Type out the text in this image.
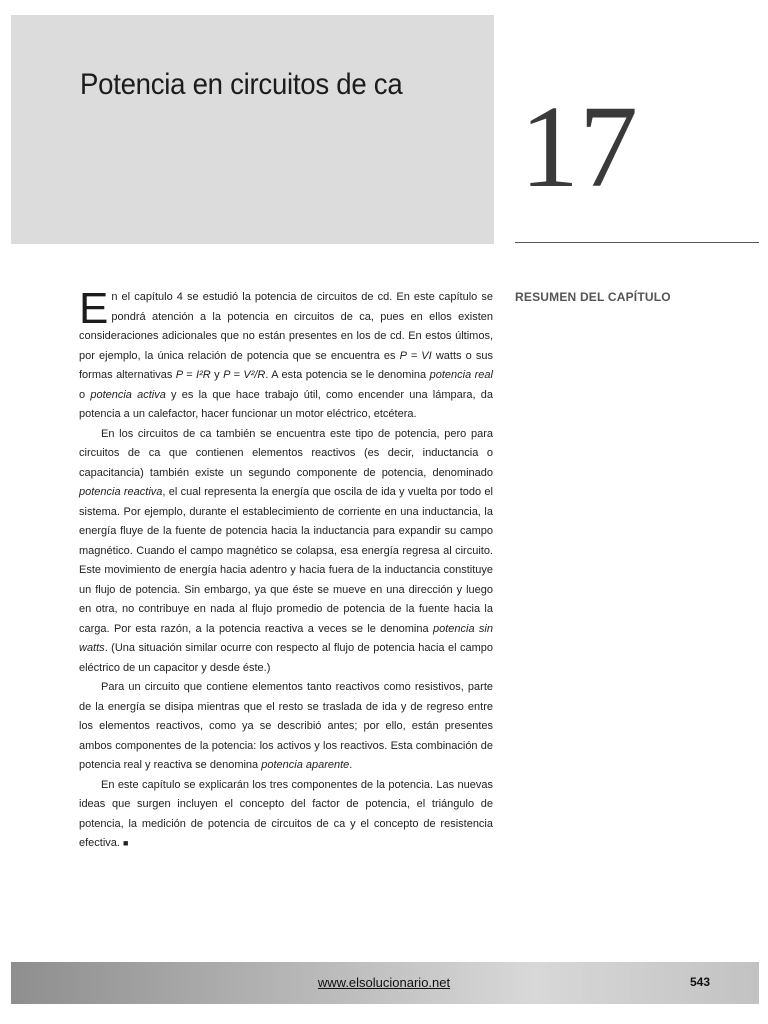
Potencia en circuitos de ca 17
RESUMEN DEL CAPÍTULO

En el capítulo 4 se estudió la potencia de circuitos de cd. En este capítulo se pondrá atención a la potencia en circuitos de ca, pues en ellos existen consideraciones adicionales que no están presentes en los de cd. En estos últimos, por ejemplo, la única relación de potencia que se encuentra es P = VI watts o sus formas alternativas P = I²R y P = V²/R. A esta potencia se le denomina potencia real o potencia activa y es la que hace trabajo útil, como encender una lámpara, da potencia a un calefactor, hacer funcionar un motor eléctrico, etcétera.

En los circuitos de ca también se encuentra este tipo de potencia, pero para circuitos de ca que contienen elementos reactivos (es decir, inductancia o capacitancia) también existe un segundo componente de potencia, denominado potencia reactiva, el cual representa la energía que oscila de ida y vuelta por todo el sistema. Por ejemplo, durante el establecimiento de corriente en una inductancia, la energía fluye de la fuente de potencia hacia la inductancia para expandir su campo magnético. Cuando el campo magnético se colapsa, esa energía regresa al circuito. Este movimiento de energía hacia adentro y hacia fuera de la inductancia constituye un flujo de potencia. Sin embargo, ya que éste se mueve en una dirección y luego en otra, no contribuye en nada al flujo promedio de potencia de la fuente hacia la carga. Por esta razón, a la potencia reactiva a veces se le denomina potencia sin watts. (Una situación similar ocurre con respecto al flujo de potencia hacia el campo eléctrico de un capacitor y desde éste.)

Para un circuito que contiene elementos tanto reactivos como resistivos, parte de la energía se disipa mientras que el resto se traslada de ida y de regreso entre los elementos reactivos, como ya se describió antes; por ello, están presentes ambos componentes de la potencia: los activos y los reactivos. Esta combinación de potencia real y reactiva se denomina potencia aparente.

En este capítulo se explicarán los tres componentes de la potencia. Las nuevas ideas que surgen incluyen el concepto del factor de potencia, el triángulo de potencia, la medición de potencia de circuitos de ca y el concepto de resistencia efectiva. ■

www.elsolucionario.net	543
